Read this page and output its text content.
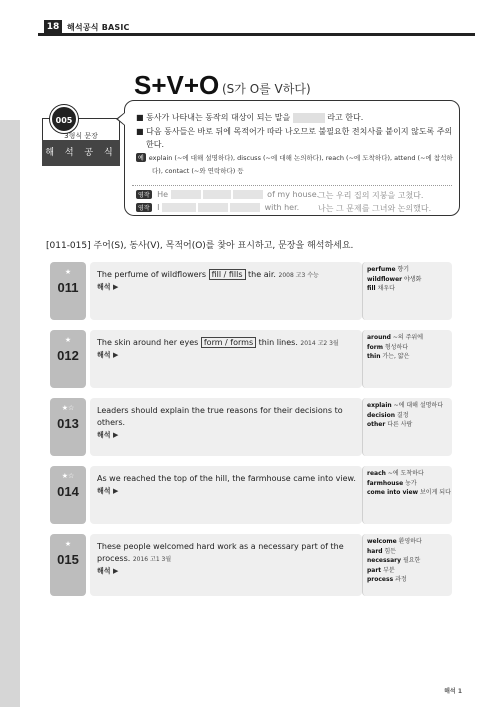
18 해석공식 BASIC
S+V+O (S가 O를 V하다)
3형식 문장
해 석 공 식
005	■ 동사가 나타내는 동작의 대상이 되는 말을	라고 한다.
■ 다음 동사들은 바로 뒤에 목적어가 따라 나오므로 불필요한 전치사를 붙이지 않도록 주의
한다.
예 explain (~에 대해 설명하다), discuss (~에 대해 논의하다), reach (~에 도착하다), attend (~에 참석하
다), contact (~와 연락하다) 등
영작 He	of my house.
그는 우리 집의 지붕을 고쳤다.
영작 I	with her. 나는 그 문제를 그녀와 논의했다.
[011-015] 주어(S), 동사(V), 목적어(O)를 찾아 표시하고, 문장을 해석하세요.
★
011
The perfume of wildflowers fill / fills the air. 2008 고3 수능
해석 ▶
perfume 향기
wildflower 야생화
fill 채우다
★
012
The skin around her eyes form / forms thin lines. 2014 고2 3월
해석 ▶
around ~의 주위에
form 형성하다
thin 가는, 얇은
★☆
013
Leaders should explain the true reasons for their decisions to others.
해석 ▶
explain ~에 대해 설명하다
decision 결정
other 다른 사람
★☆
014
As we reached the top of the hill, the farmhouse came into view.
해석 ▶
reach ~에 도착하다
farmhouse 농가
come into view 보이게 되다
★
015
These people welcomed hard work as a necessary part of the process. 2016 고1 3월
해석 ▶
welcome 환영하다
hard 힘든
necessary 필요한
part 부분
process 과정
해석 1
